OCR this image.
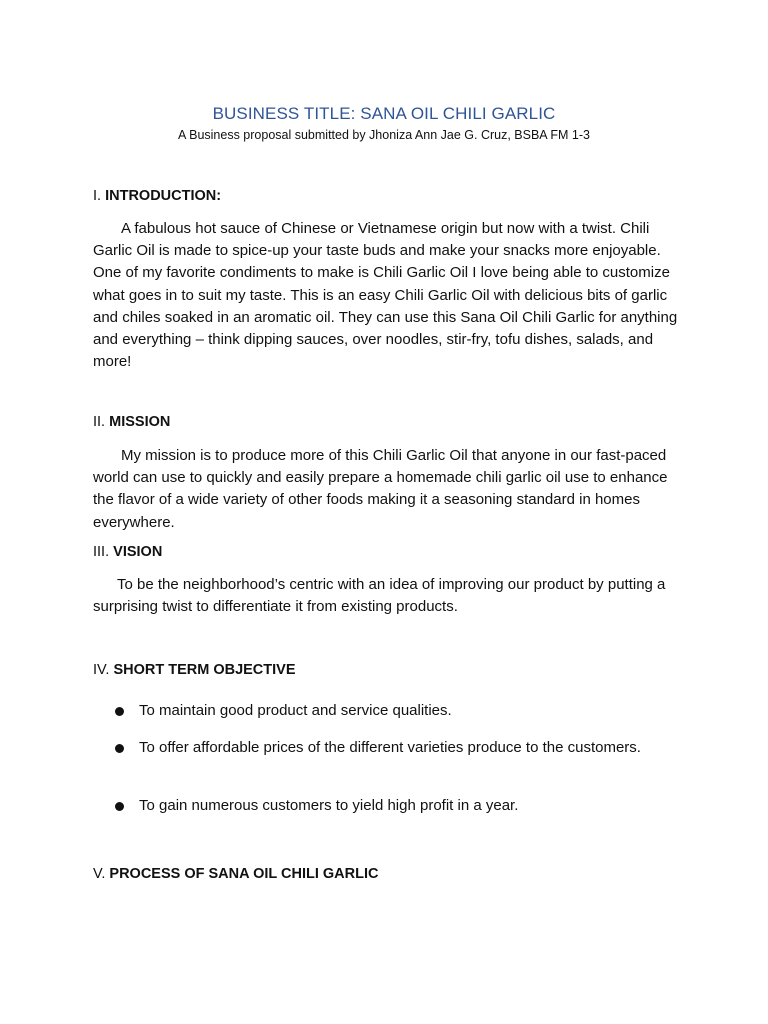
BUSINESS TITLE: SANA OIL CHILI GARLIC
A Business proposal submitted by Jhoniza Ann Jae G. Cruz, BSBA FM 1-3
I. INTRODUCTION:

A fabulous hot sauce of Chinese or Vietnamese origin but now with a twist. Chili Garlic Oil is made to spice-up your taste buds and make your snacks more enjoyable. One of my favorite condiments to make is Chili Garlic Oil I love being able to customize what goes in to suit my taste. This is an easy Chili Garlic Oil with delicious bits of garlic and chiles soaked in an aromatic oil. They can use this Sana Oil Chili Garlic for anything and everything – think dipping sauces, over noodles, stir-fry, tofu dishes, salads, and more!

II. MISSION

My mission is to produce more of this Chili Garlic Oil that anyone in our fast-paced world can use to quickly and easily prepare a homemade chili garlic oil use to enhance the flavor of a wide variety of other foods making it a seasoning standard in homes everywhere.

III. VISION

To be the neighborhood’s centric with an idea of improving our product by putting a surprising twist to differentiate it from existing products.

IV. SHORT TERM OBJECTIVE
To maintain good product and service qualities.
To offer affordable prices of the different varieties produce to the customers.
To gain numerous customers to yield high profit in a year.
V. PROCESS OF SANA OIL CHILI GARLIC
